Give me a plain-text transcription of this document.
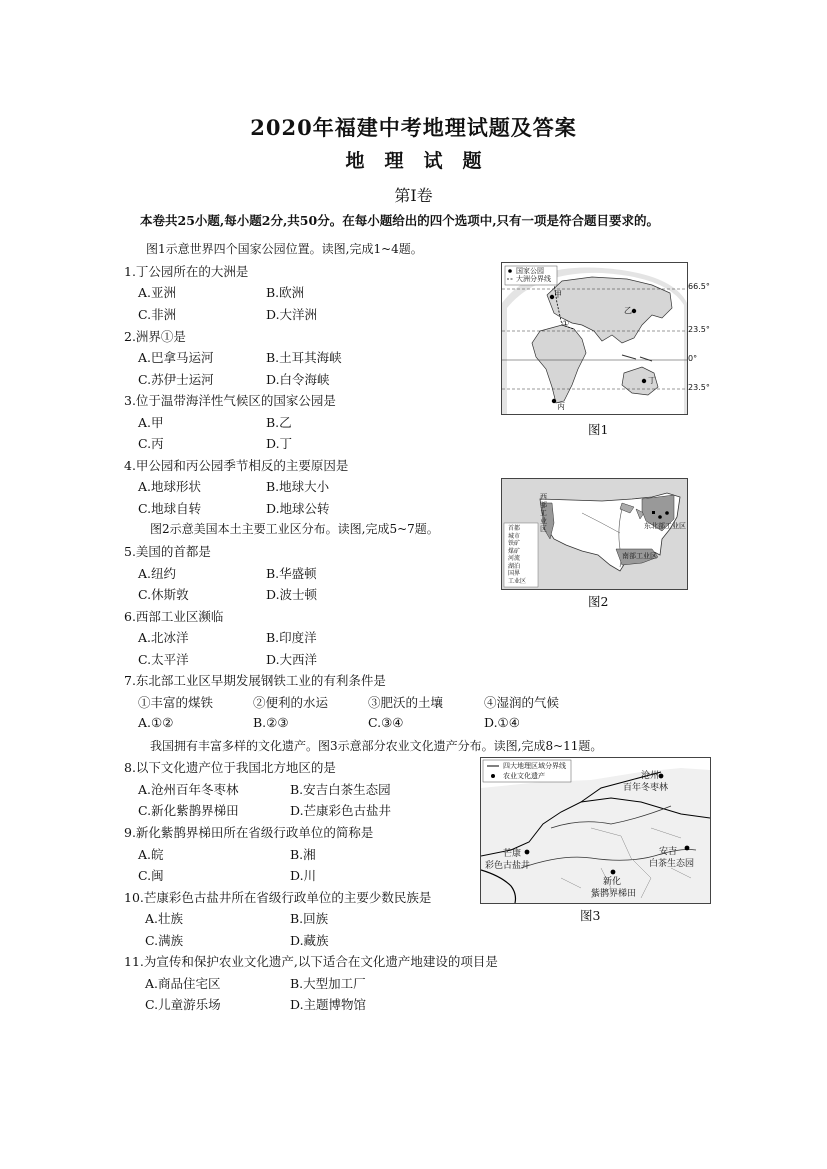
2020年福建中考地理试题及答案
地理试题
第Ⅰ卷
本卷共25小题,每小题2分,共50分。在每小题给出的四个选项中,只有一项是符合题目要求的。
图1示意世界四个国家公园位置。读图,完成1~4题。
1.丁公园所在的大洲是
A.亚洲	B.欧洲
C.非洲	D.大洋洲
2.洲界①是
A.巴拿马运河	B.土耳其海峡
C.苏伊士运河	D.白令海峡
3.位于温带海洋性气候区的国家公园是
A.甲	B.乙
C.丙	D.丁
4.甲公园和丙公园季节相反的主要原因是
A.地球形状	B.地球大小
C.地球自转	D.地球公转
图2示意美国本土主要工业区分布。读图,完成5~7题。
5.美国的首都是
A.纽约	B.华盛顿
C.休斯敦	D.波士顿
6.西部工业区濒临
A.北冰洋	B.印度洋
C.太平洋	D.大西洋
7.东北部工业区早期发展钢铁工业的有利条件是
①丰富的煤铁	②便利的水运	③肥沃的土壤	④湿润的气候
A.①②	B.②③	C.③④	D.①④
我国拥有丰富多样的文化遗产。图3示意部分农业文化遗产分布。读图,完成8~11题。
8.以下文化遗产位于我国北方地区的是
A.沧州百年冬枣林	B.安吉白茶生态园
C.新化紫鹊界梯田	D.芒康彩色古盐井
9.新化紫鹊界梯田所在省级行政单位的简称是
A.皖	B.湘
C.闽	D.川
10.芒康彩色古盐井所在省级行政单位的主要少数民族是
A.壮族	B.回族
C.满族	D.藏族
11.为宣传和保护农业文化遗产,以下适合在文化遗产地建设的项目是
A.商品住宅区	B.大型加工厂
C.儿童游乐场	D.主题博物馆
国家公园
大洲分界线
甲
乙
丙
丁
①
66.5°
23.5°
0°
23.5°
图1
首都
城市
铁矿
煤矿
河流
湖泊
国界
工业区
西部工业区	东北部工业区
南部工业区
图2
四大地理区域分界线
农业文化遗产	沧州
百年冬枣林
安吉
白茶生态园
芒康
彩色古盐井
新化
紫鹊界梯田
图3
